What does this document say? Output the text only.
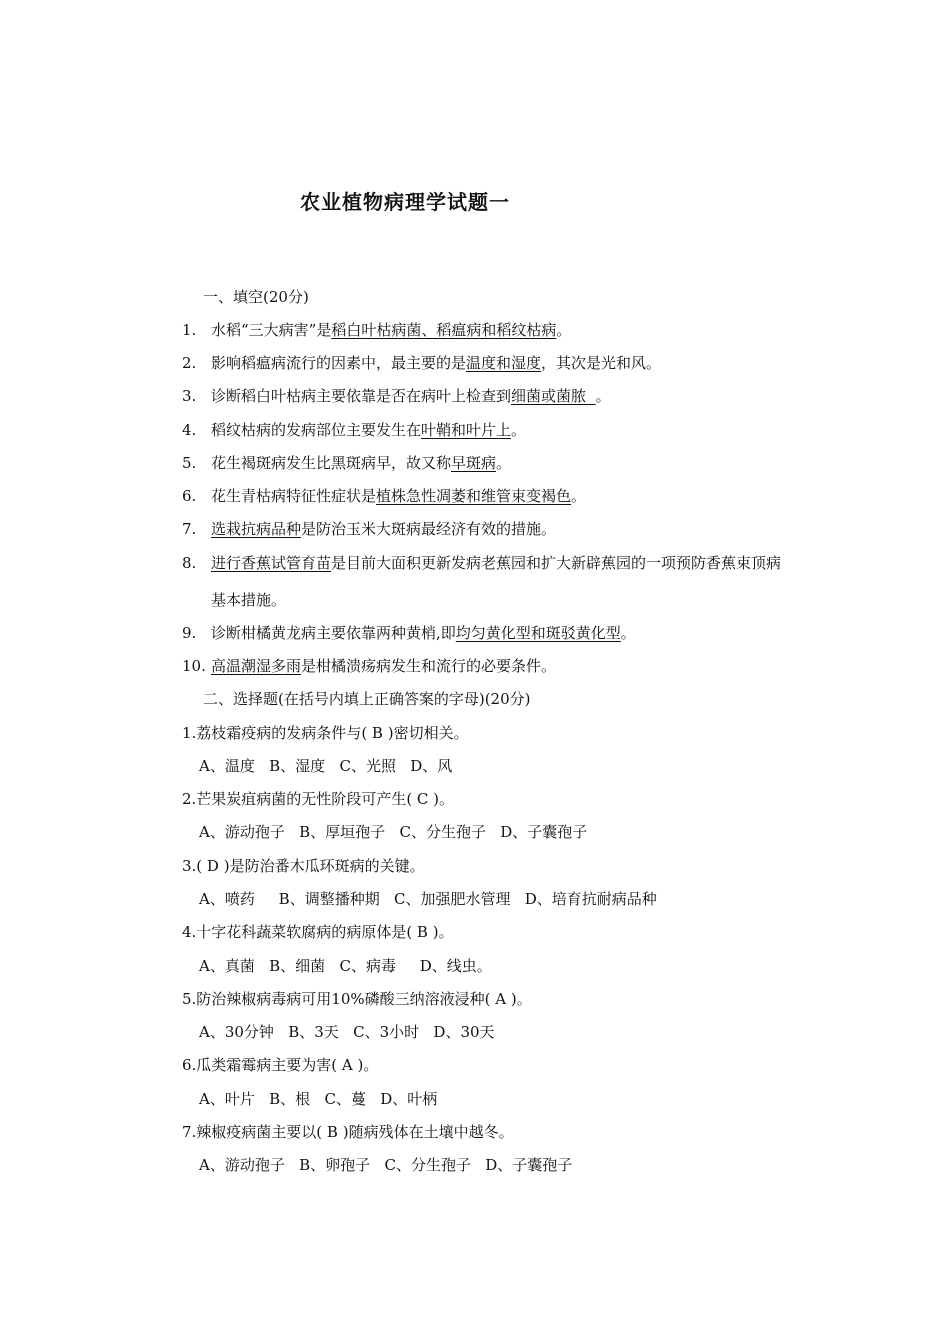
农业植物病理学试题一
一、填空(20分)
1. 水稻“三大病害”是稻白叶枯病菌、稻瘟病和稻纹枯病。
2. 影响稻瘟病流行的因素中，最主要的是温度和湿度，其次是光和风。
3. 诊断稻白叶枯病主要依靠是否在病叶上检查到细菌或菌脓  。
4. 稻纹枯病的发病部位主要发生在叶鞘和叶片上。
5. 花生褐斑病发生比黑斑病早，故又称早斑病。
6. 花生青枯病特征性症状是植株急性凋萎和维管束变褐色。
7. 选栽抗病品种是防治玉米大斑病最经济有效的措施。
8. 进行香蕉试管育苗是目前大面积更新发病老蕉园和扩大新辟蕉园的一项预防香蕉束顶病
基本措施。
9. 诊断柑橘黄龙病主要依靠两种黄梢,即均匀黄化型和斑驳黄化型。
10. 高温潮湿多雨是柑橘溃疡病发生和流行的必要条件。
二、选择题(在括号内填上正确答案的字母)(20分)
1.荔枝霜疫病的发病条件与( B )密切相关。
A、温度   B、湿度   C、光照   D、风
2.芒果炭疽病菌的无性阶段可产生( C )。
A、游动孢子   B、厚垣孢子   C、分生孢子   D、子囊孢子
3.( D )是防治番木瓜环斑病的关键。
A、喷药     B、调整播种期   C、加强肥水管理   D、培育抗耐病品种
4.十字花科蔬菜软腐病的病原体是( B )。
A、真菌   B、细菌   C、病毒     D、线虫。
5.防治辣椒病毒病可用10%磷酸三纳溶液浸种( A )。
A、30分钟   B、3天   C、3小时   D、30天
6.瓜类霜霉病主要为害( A )。
A、叶片   B、根   C、蔓   D、叶柄
7.辣椒疫病菌主要以( B )随病残体在土壤中越冬。
A、游动孢子   B、卵孢子   C、分生孢子   D、子囊孢子
